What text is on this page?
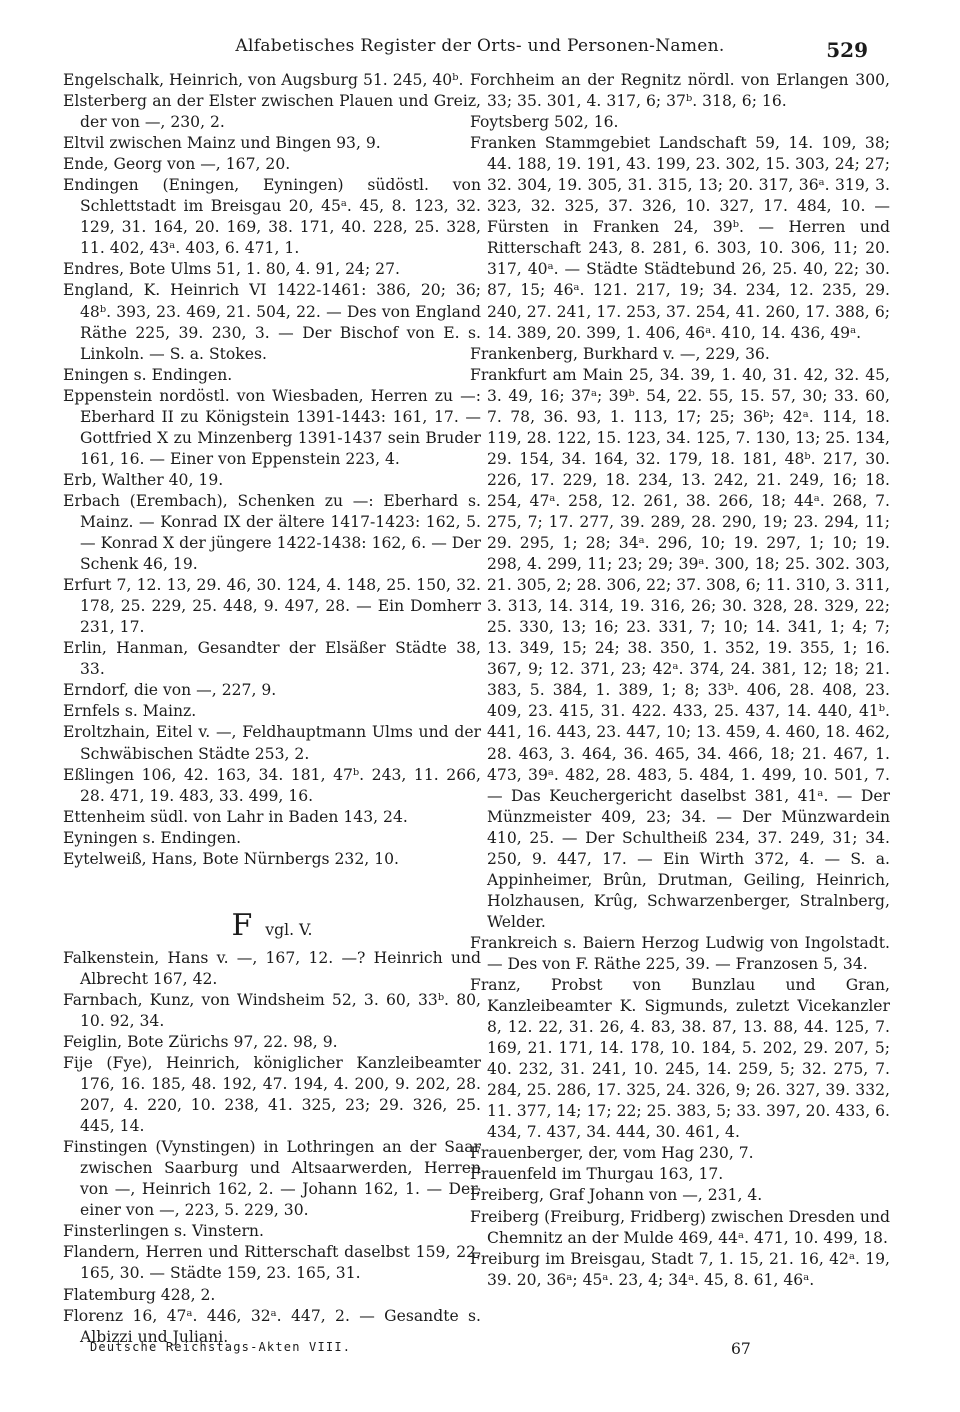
Alfabetisches Register der Orts- und Personen-Namen.	529

Engelschalk, Heinrich, von Augsburg 51. 245, 40ᵇ.

Elsterberg an der Elster zwischen Plauen und Greiz, der von —, 230, 2.

Eltvil zwischen Mainz und Bingen 93, 9.

Ende, Georg von —, 167, 20.

Endingen (Eningen, Eyningen) südöstl. von Schlettstadt im Breisgau 20, 45ᵃ. 45, 8. 123, 32. 129, 31. 164, 20. 169, 38. 171, 40. 228, 25. 328, 11. 402, 43ᵃ. 403, 6. 471, 1.

Endres, Bote Ulms 51, 1. 80, 4. 91, 24; 27.

England, K. Heinrich VI 1422-1461: 386, 20; 36; 48ᵇ. 393, 23. 469, 21. 504, 22. — Des von England Räthe 225, 39. 230, 3. — Der Bischof von E. s. Linkoln. — S. a. Stokes.

Eningen s. Endingen.

Eppenstein nordöstl. von Wiesbaden, Herren zu —: Eberhard II zu Königstein 1391-1443: 161, 17. — Gottfried X zu Minzenberg 1391-1437 sein Bruder 161, 16. — Einer von Eppenstein 223, 4.

Erb, Walther 40, 19.

Erbach (Erembach), Schenken zu —: Eberhard s. Mainz. — Konrad IX der ältere 1417-1423: 162, 5. — Konrad X der jüngere 1422-1438: 162, 6. — Der Schenk 46, 19.

Erfurt 7, 12. 13, 29. 46, 30. 124, 4. 148, 25. 150, 32. 178, 25. 229, 25. 448, 9. 497, 28. — Ein Domherr 231, 17.

Erlin, Hanman, Gesandter der Elsäßer Städte 38, 33.

Erndorf, die von —, 227, 9.

Ernfels s. Mainz.

Eroltzhain, Eitel v. —, Feldhauptmann Ulms und der Schwäbischen Städte 253, 2.

Eßlingen 106, 42. 163, 34. 181, 47ᵇ. 243, 11. 266, 28. 471, 19. 483, 33. 499, 16.

Ettenheim südl. von Lahr in Baden 143, 24.

Eyningen s. Endingen.

Eytelweiß, Hans, Bote Nürnbergs 232, 10.

F vgl. V.

Falkenstein, Hans v. —, 167, 12. —? Heinrich und Albrecht 167, 42.

Farnbach, Kunz, von Windsheim 52, 3. 60, 33ᵇ. 80, 10. 92, 34.

Feiglin, Bote Zürichs 97, 22. 98, 9.

Fije (Fye), Heinrich, königlicher Kanzleibeamter 176, 16. 185, 48. 192, 47. 194, 4. 200, 9. 202, 28. 207, 4. 220, 10. 238, 41. 325, 23; 29. 326, 25. 445, 14.

Finstingen (Vynstingen) in Lothringen an der Saar zwischen Saarburg und Altsaarwerden, Herren von —, Heinrich 162, 2. — Johann 162, 1. — Der, einer von —, 223, 5. 229, 30.

Finsterlingen s. Vinstern.

Flandern, Herren und Ritterschaft daselbst 159, 22. 165, 30. — Städte 159, 23. 165, 31.

Flatemburg 428, 2.

Florenz 16, 47ᵃ. 446, 32ᵃ. 447, 2. — Gesandte s. Albizzi und Juliani.

Forchheim an der Regnitz nördl. von Erlangen 300, 33; 35. 301, 4. 317, 6; 37ᵇ. 318, 6; 16.

Foytsberg 502, 16.

Franken Stammgebiet Landschaft 59, 14. 109, 38; 44. 188, 19. 191, 43. 199, 23. 302, 15. 303, 24; 27; 32. 304, 19. 305, 31. 315, 13; 20. 317, 36ᵃ. 319, 3. 323, 32. 325, 37. 326, 10. 327, 17. 484, 10. — Fürsten in Franken 24, 39ᵇ. — Herren und Ritterschaft 243, 8. 281, 6. 303, 10. 306, 11; 20. 317, 40ᵃ. — Städte Städtebund 26, 25. 40, 22; 30. 87, 15; 46ᵃ. 121. 217, 19; 34. 234, 12. 235, 29. 240, 27. 241, 17. 253, 37. 254, 41. 260, 17. 388, 6; 14. 389, 20. 399, 1. 406, 46ᵃ. 410, 14. 436, 49ᵃ.

Frankenberg, Burkhard v. —, 229, 36.

Frankfurt am Main 25, 34. 39, 1. 40, 31. 42, 32. 45, 3. 49, 16; 37ᵃ; 39ᵇ. 54, 22. 55, 15. 57, 30; 33. 60, 7. 78, 36. 93, 1. 113, 17; 25; 36ᵇ; 42ᵃ. 114, 18. 119, 28. 122, 15. 123, 34. 125, 7. 130, 13; 25. 134, 29. 154, 34. 164, 32. 179, 18. 181, 48ᵇ. 217, 30. 226, 17. 229, 18. 234, 13. 242, 21. 249, 16; 18. 254, 47ᵃ. 258, 12. 261, 38. 266, 18; 44ᵃ. 268, 7. 275, 7; 17. 277, 39. 289, 28. 290, 19; 23. 294, 11; 29. 295, 1; 28; 34ᵃ. 296, 10; 19. 297, 1; 10; 19. 298, 4. 299, 11; 23; 29; 39ᵃ. 300, 18; 25. 302. 303, 21. 305, 2; 28. 306, 22; 37. 308, 6; 11. 310, 3. 311, 3. 313, 14. 314, 19. 316, 26; 30. 328, 28. 329, 22; 25. 330, 13; 16; 23. 331, 7; 10; 14. 341, 1; 4; 7; 13. 349, 15; 24; 38. 350, 1. 352, 19. 355, 1; 16. 367, 9; 12. 371, 23; 42ᵃ. 374, 24. 381, 12; 18; 21. 383, 5. 384, 1. 389, 1; 8; 33ᵇ. 406, 28. 408, 23. 409, 23. 415, 31. 422. 433, 25. 437, 14. 440, 41ᵇ. 441, 16. 443, 23. 447, 10; 13. 459, 4. 460, 18. 462, 28. 463, 3. 464, 36. 465, 34. 466, 18; 21. 467, 1. 473, 39ᵃ. 482, 28. 483, 5. 484, 1. 499, 10. 501, 7. — Das Keuchergericht daselbst 381, 41ᵃ. — Der Münzmeister 409, 23; 34. — Der Münzwardein 410, 25. — Der Schultheiß 234, 37. 249, 31; 34. 250, 9. 447, 17. — Ein Wirth 372, 4. — S. a. Appinheimer, Brûn, Drutman, Geiling, Heinrich, Holzhausen, Krûg, Schwarzenberger, Stralnberg, Welder.

Frankreich s. Baiern Herzog Ludwig von Ingolstadt. — Des von F. Räthe 225, 39. — Franzosen 5, 34.

Franz, Probst von Bunzlau und Gran, Kanzleibeamter K. Sigmunds, zuletzt Vicekanzler 8, 12. 22, 31. 26, 4. 83, 38. 87, 13. 88, 44. 125, 7. 169, 21. 171, 14. 178, 10. 184, 5. 202, 29. 207, 5; 40. 232, 31. 241, 10. 245, 14. 259, 5; 32. 275, 7. 284, 25. 286, 17. 325, 24. 326, 9; 26. 327, 39. 332, 11. 377, 14; 17; 22; 25. 383, 5; 33. 397, 20. 433, 6. 434, 7. 437, 34. 444, 30. 461, 4.

Frauenberger, der, vom Hag 230, 7.

Frauenfeld im Thurgau 163, 17.

Freiberg, Graf Johann von —, 231, 4.

Freiberg (Freiburg, Fridberg) zwischen Dresden und Chemnitz an der Mulde 469, 44ᵃ. 471, 10. 499, 18.

Freiburg im Breisgau, Stadt 7, 1. 15, 21. 16, 42ᵃ. 19, 39. 20, 36ᵃ; 45ᵃ. 23, 4; 34ᵃ. 45, 8. 61, 46ᵃ.

Deutsche Reichstags-Akten VIII.	67
